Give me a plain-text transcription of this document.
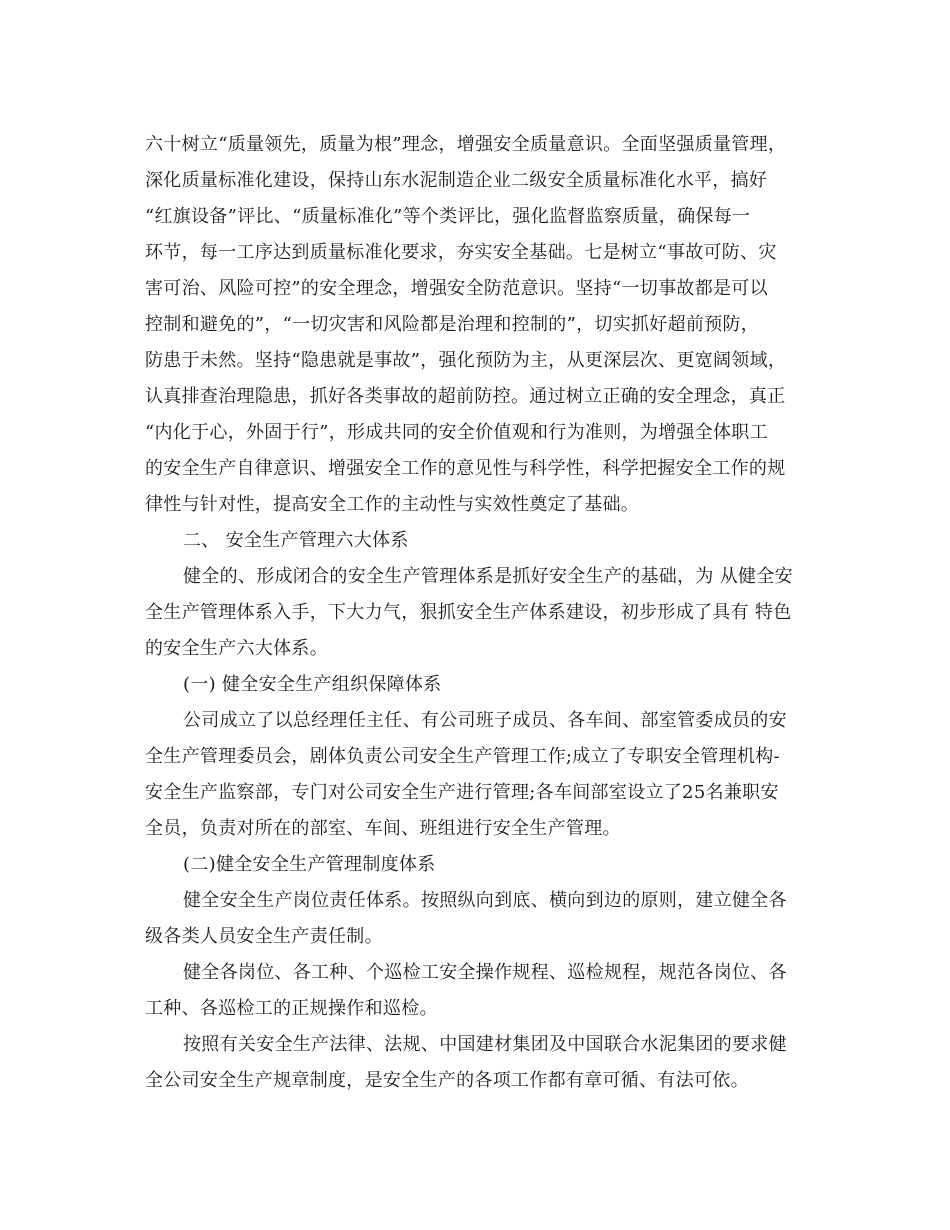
六十树立“质量领先，质量为根”理念，增强安全质量意识。全面坚强质量管理，
深化质量标准化建设，保持山东水泥制造企业二级安全质量标准化水平，搞好
“红旗设备”评比、“质量标准化”等个类评比，强化监督监察质量，确保每一
环节，每一工序达到质量标准化要求，夯实安全基础。七是树立“事故可防、灾
害可治、风险可控”的安全理念，增强安全防范意识。坚持“一切事故都是可以
控制和避免的”，“一切灾害和风险都是治理和控制的”，切实抓好超前预防，
防患于未然。坚持“隐患就是事故”，强化预防为主，从更深层次、更宽阔领域，
认真排查治理隐患，抓好各类事故的超前防控。通过树立正确的安全理念，真正
“内化于心，外固于行”，形成共同的安全价值观和行为准则，为增强全体职工
的安全生产自律意识、增强安全工作的意见性与科学性，科学把握安全工作的规
律性与针对性，提高安全工作的主动性与实效性奠定了基础。
二、 安全生产管理六大体系
健全的、形成闭合的安全生产管理体系是抓好安全生产的基础，为 从健全安
全生产管理体系入手，下大力气，狠抓安全生产体系建设，初步形成了具有 特色
的安全生产六大体系。
(一) 健全安全生产组织保障体系
公司成立了以总经理任主任、有公司班子成员、各车间、部室管委成员的安
全生产管理委员会，剧体负责公司安全生产管理工作;成立了专职安全管理机构-
安全生产监察部，专门对公司安全生产进行管理;各车间部室设立了25名兼职安
全员，负责对所在的部室、车间、班组进行安全生产管理。
(二)健全安全生产管理制度体系
健全安全生产岗位责任体系。按照纵向到底、横向到边的原则，建立健全各
级各类人员安全生产责任制。
健全各岗位、各工种、个巡检工安全操作规程、巡检规程，规范各岗位、各
工种、各巡检工的正规操作和巡检。
按照有关安全生产法律、法规、中国建材集团及中国联合水泥集团的要求健
全公司安全生产规章制度，是安全生产的各项工作都有章可循、有法可依。
